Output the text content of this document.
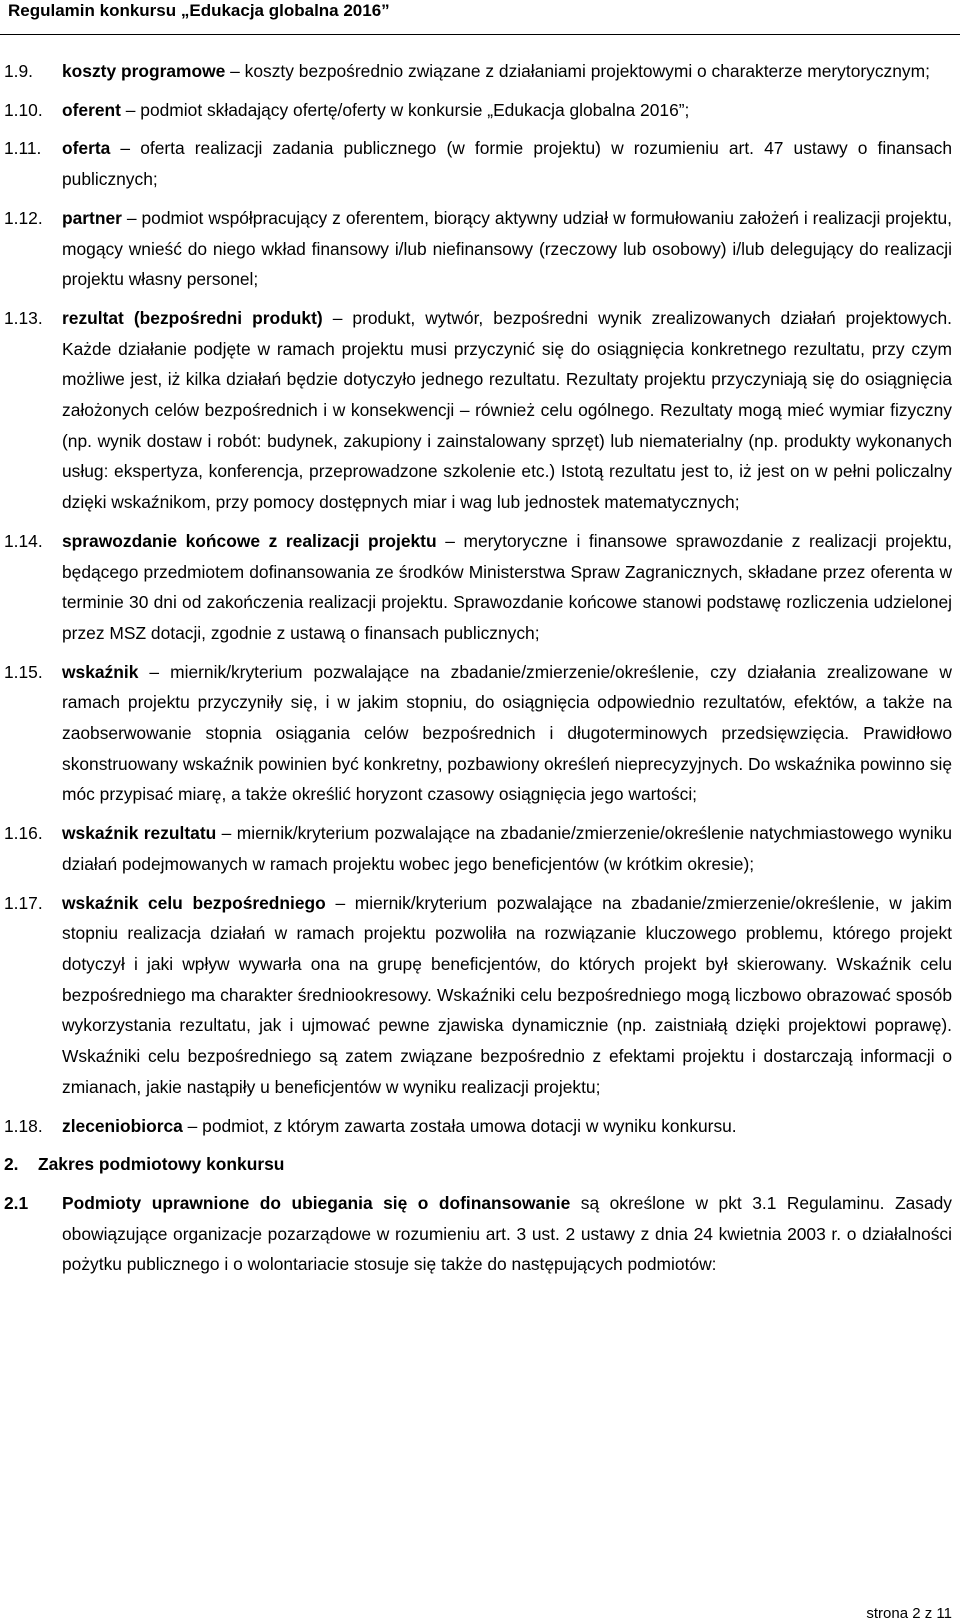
Regulamin konkursu „Edukacja globalna 2016”
1.9. koszty programowe – koszty bezpośrednio związane z działaniami projektowymi o charakterze merytorycznym;
1.10. oferent – podmiot składający ofertę/oferty w konkursie „Edukacja globalna 2016”;
1.11. oferta – oferta realizacji zadania publicznego (w formie projektu) w rozumieniu art. 47 ustawy o finansach publicznych;
1.12. partner – podmiot współpracujący z oferentem, biorący aktywny udział w formułowaniu założeń i realizacji projektu, mogący wnieść do niego wkład finansowy i/lub niefinansowy (rzeczowy lub osobowy) i/lub delegujący do realizacji projektu własny personel;
1.13. rezultat (bezpośredni produkt) – produkt, wytwór, bezpośredni wynik zrealizowanych działań projektowych. Każde działanie podjęte w ramach projektu musi przyczynić się do osiągnięcia konkretnego rezultatu, przy czym możliwe jest, iż kilka działań będzie dotyczyło jednego rezultatu. Rezultaty projektu przyczyniają się do osiągnięcia założonych celów bezpośrednich i w konsekwencji – również celu ogólnego. Rezultaty mogą mieć wymiar fizyczny (np. wynik dostaw i robót: budynek, zakupiony i zainstalowany sprzęt) lub niematerialny (np. produkty wykonanych usług: ekspertyza, konferencja, przeprowadzone szkolenie etc.) Istotą rezultatu jest to, iż jest on w pełni policzalny dzięki wskaźnikom, przy pomocy dostępnych miar i wag lub jednostek matematycznych;
1.14. sprawozdanie końcowe z realizacji projektu – merytoryczne i finansowe sprawozdanie z realizacji projektu, będącego przedmiotem dofinansowania ze środków Ministerstwa Spraw Zagranicznych, składane przez oferenta w terminie 30 dni od zakończenia realizacji projektu. Sprawozdanie końcowe stanowi podstawę rozliczenia udzielonej przez MSZ dotacji, zgodnie z ustawą o finansach publicznych;
1.15. wskaźnik – miernik/kryterium pozwalające na zbadanie/zmierzenie/określenie, czy działania zrealizowane w ramach projektu przyczyniły się, i w jakim stopniu, do osiągnięcia odpowiednio rezultatów, efektów, a także na zaobserwowanie stopnia osiągania celów bezpośrednich i długoterminowych przedsięwzięcia. Prawidłowo skonstruowany wskaźnik powinien być konkretny, pozbawiony określeń nieprecyzyjnych. Do wskaźnika powinno się móc przypisać miarę, a także określić horyzont czasowy osiągnięcia jego wartości;
1.16. wskaźnik rezultatu – miernik/kryterium pozwalające na zbadanie/zmierzenie/określenie natychmiastowego wyniku działań podejmowanych w ramach projektu wobec jego beneficjentów (w krótkim okresie);
1.17. wskaźnik celu bezpośredniego – miernik/kryterium pozwalające na zbadanie/zmierzenie/określenie, w jakim stopniu realizacja działań w ramach projektu pozwoliła na rozwiązanie kluczowego problemu, którego projekt dotyczył i jaki wpływ wywarła ona na grupę beneficjentów, do których projekt był skierowany. Wskaźnik celu bezpośredniego ma charakter średniookresowy. Wskaźniki celu bezpośredniego mogą liczbowo obrazować sposób wykorzystania rezultatu, jak i ujmować pewne zjawiska dynamicznie (np. zaistniałą dzięki projektowi poprawę). Wskaźniki celu bezpośredniego są zatem związane bezpośrednio z efektami projektu i dostarczają informacji o zmianach, jakie nastąpiły u beneficjentów w wyniku realizacji projektu;
1.18. zleceniobiorca – podmiot, z którym zawarta została umowa dotacji w wyniku konkursu.
2. Zakres podmiotowy konkursu
2.1 Podmioty uprawnione do ubiegania się o dofinansowanie są określone w pkt 3.1 Regulaminu. Zasady obowiązujące organizacje pozarządowe w rozumieniu art. 3 ust. 2 ustawy z dnia 24 kwietnia 2003 r. o działalności pożytku publicznego i o wolontariacie stosuje się także do następujących podmiotów:
strona 2 z 11
